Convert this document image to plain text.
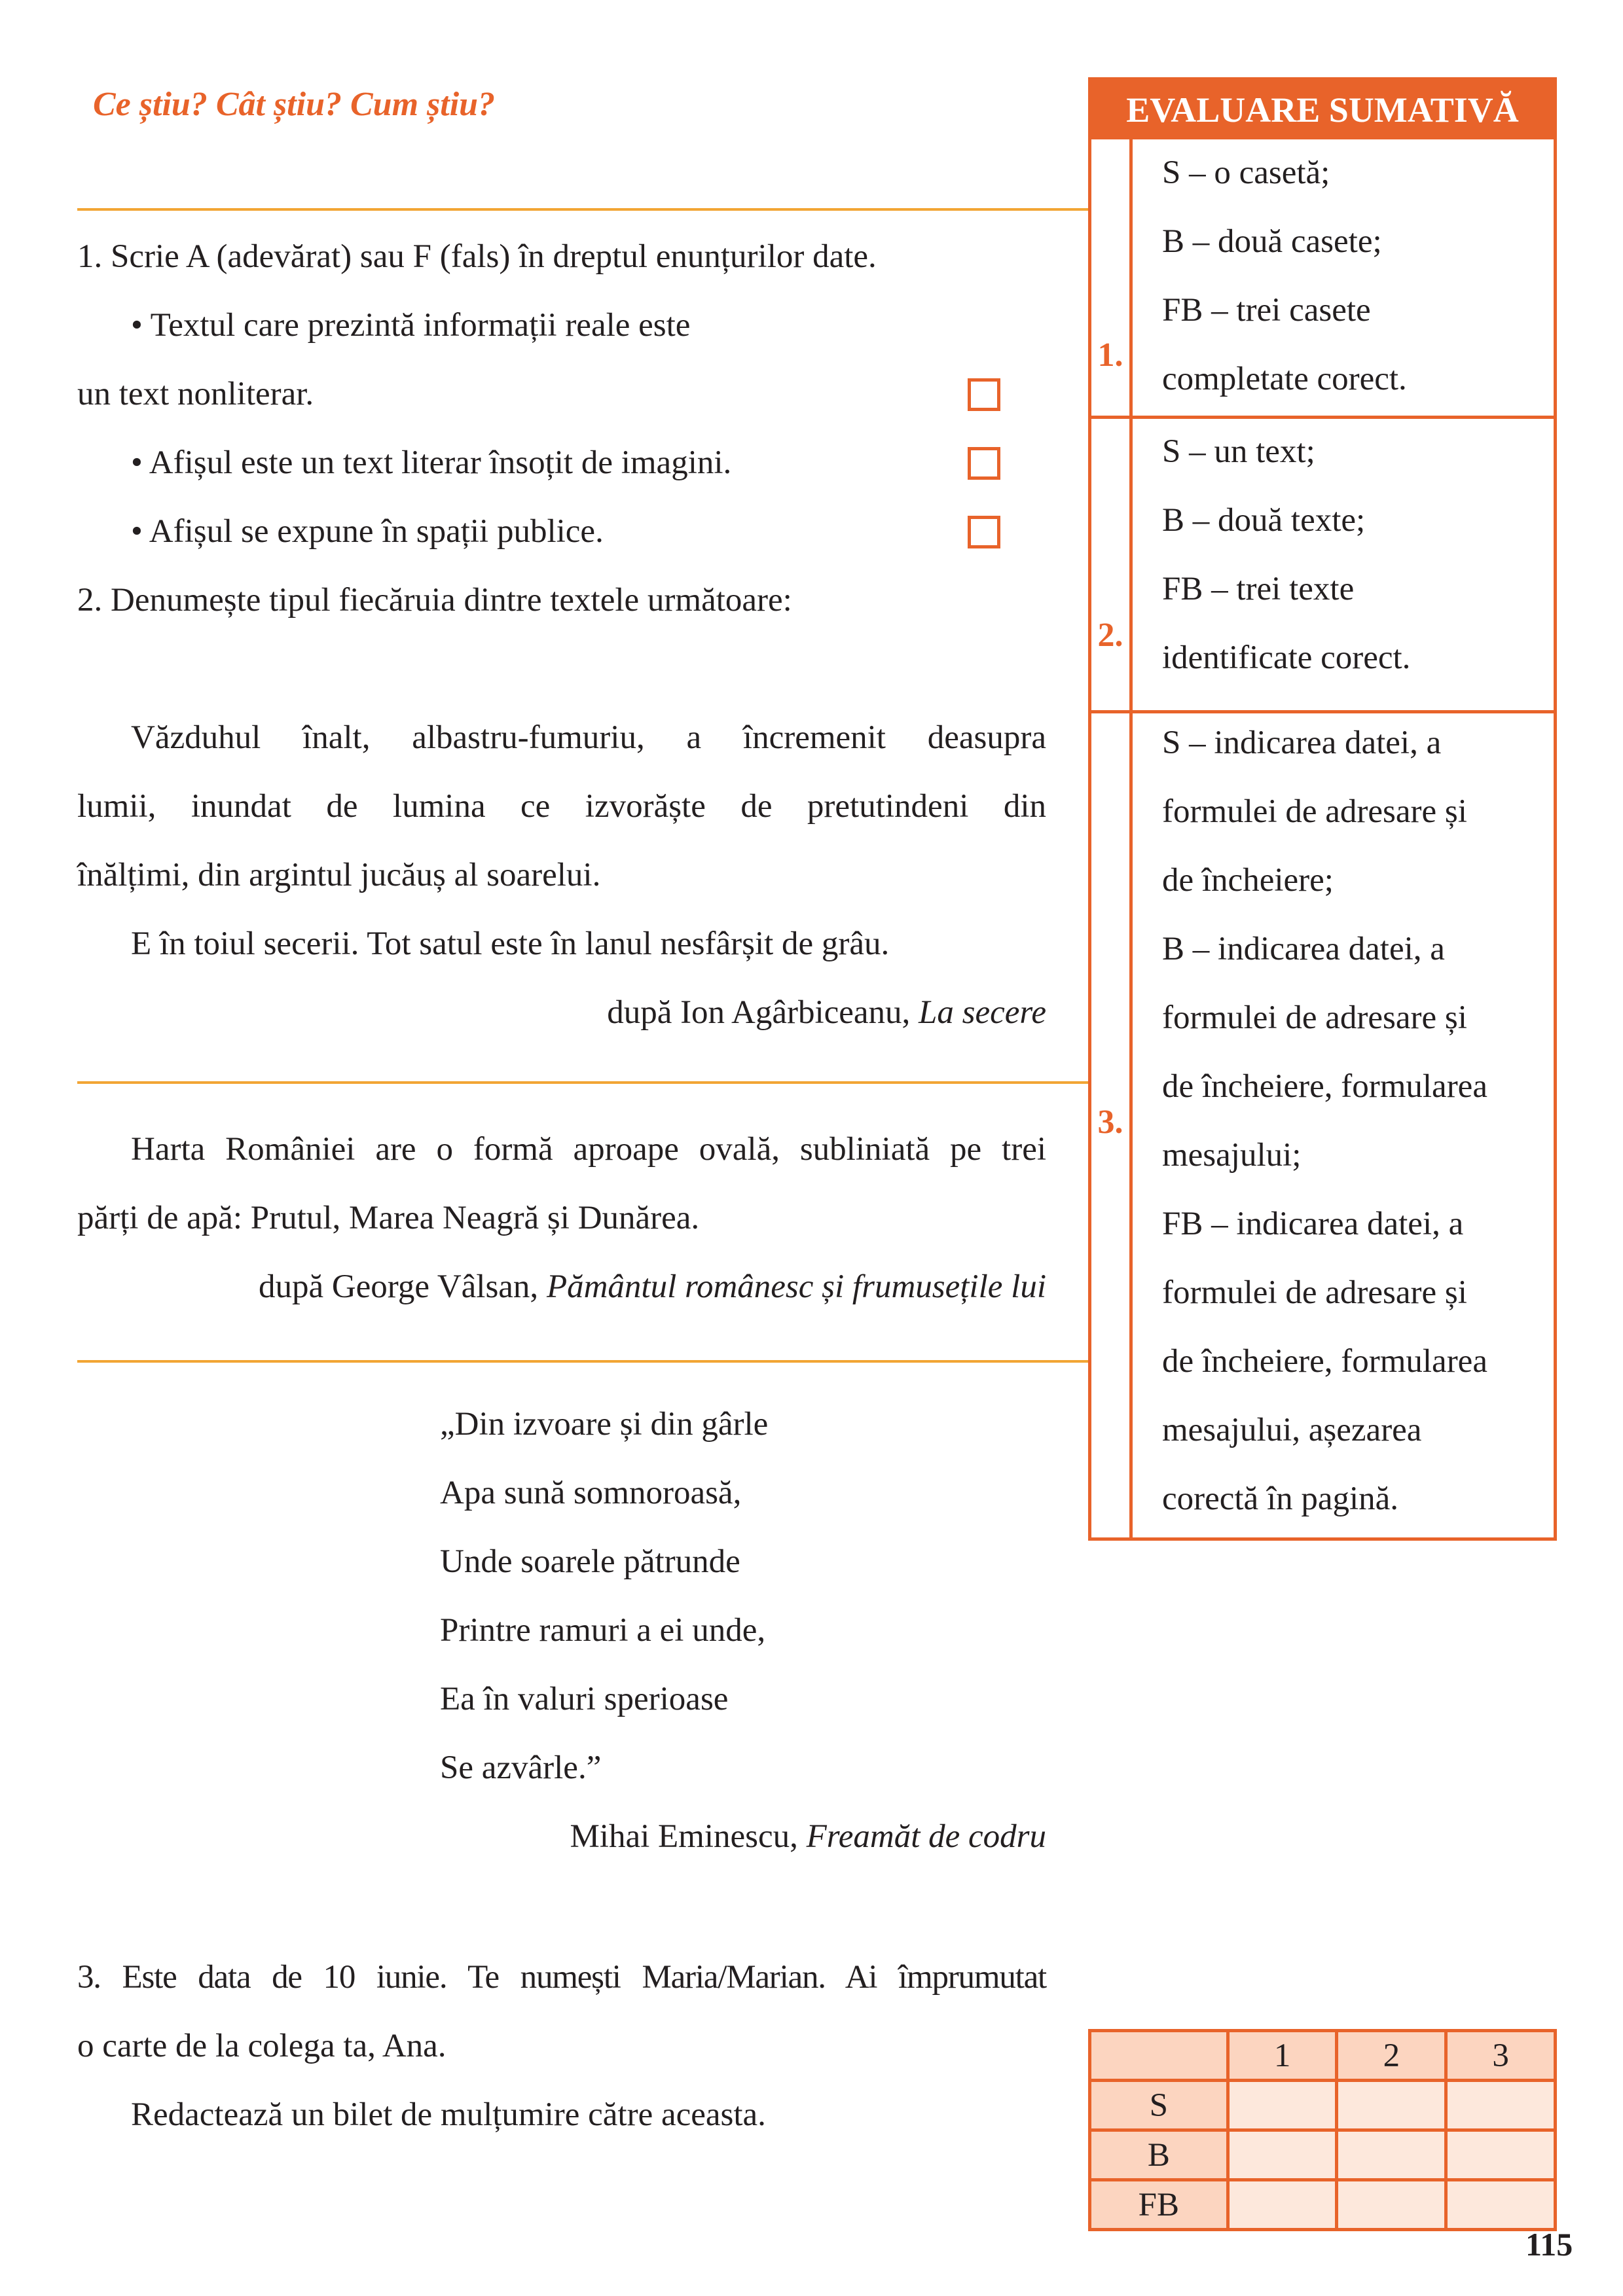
Ce știu? Cât știu? Cum știu?
1. Scrie A (adevărat) sau F (fals) în dreptul enunțurilor date.
• Textul care prezintă informații reale este
un text nonliterar.
• Afișul este un text literar însoțit de imagini.
• Afișul se expune în spații publice.
2. Denumește tipul fiecăruia dintre textele următoare:
Văzduhul înalt, albastru-fumuriu, a încremenit deasupra
lumii, inundat de lumina ce izvorăște de pretutindeni din
înălțimi, din argintul jucăuș al soarelui.
E în toiul secerii. Tot satul este în lanul nesfârșit de grâu.
după Ion Agârbiceanu, La secere
Harta României are o formă aproape ovală, subliniată pe trei
părți de apă: Prutul, Marea Neagră și Dunărea.
după George Vâlsan, Pământul românesc și frumusețile lui
„Din izvoare și din gârle
Apa sună somnoroasă,
Unde soarele pătrunde
Printre ramuri a ei unde,
Ea în valuri sperioase
Se azvârle.”
Mihai Eminescu, Freamăt de codru
3. Este data de 10 iunie. Te numești Maria/Marian. Ai împrumutat
o carte de la colega ta, Ana.
Redactează un bilet de mulțumire către aceasta.
EVALUARE SUMATIVĂ
1.
S – o casetă;
B – două casete;
FB – trei casete
completate corect.
2.
S – un text;
B – două texte;
FB – trei texte
identificate corect.
3.
S – indicarea datei, a
formulei de adresare și
de încheiere;
B – indicarea datei, a
formulei de adresare și
de încheiere, formularea
mesajului;
FB – indicarea datei, a
formulei de adresare și
de încheiere, formularea
mesajului, așezarea
corectă în pagină.
	1	2	3
S			
B			
FB			
115
